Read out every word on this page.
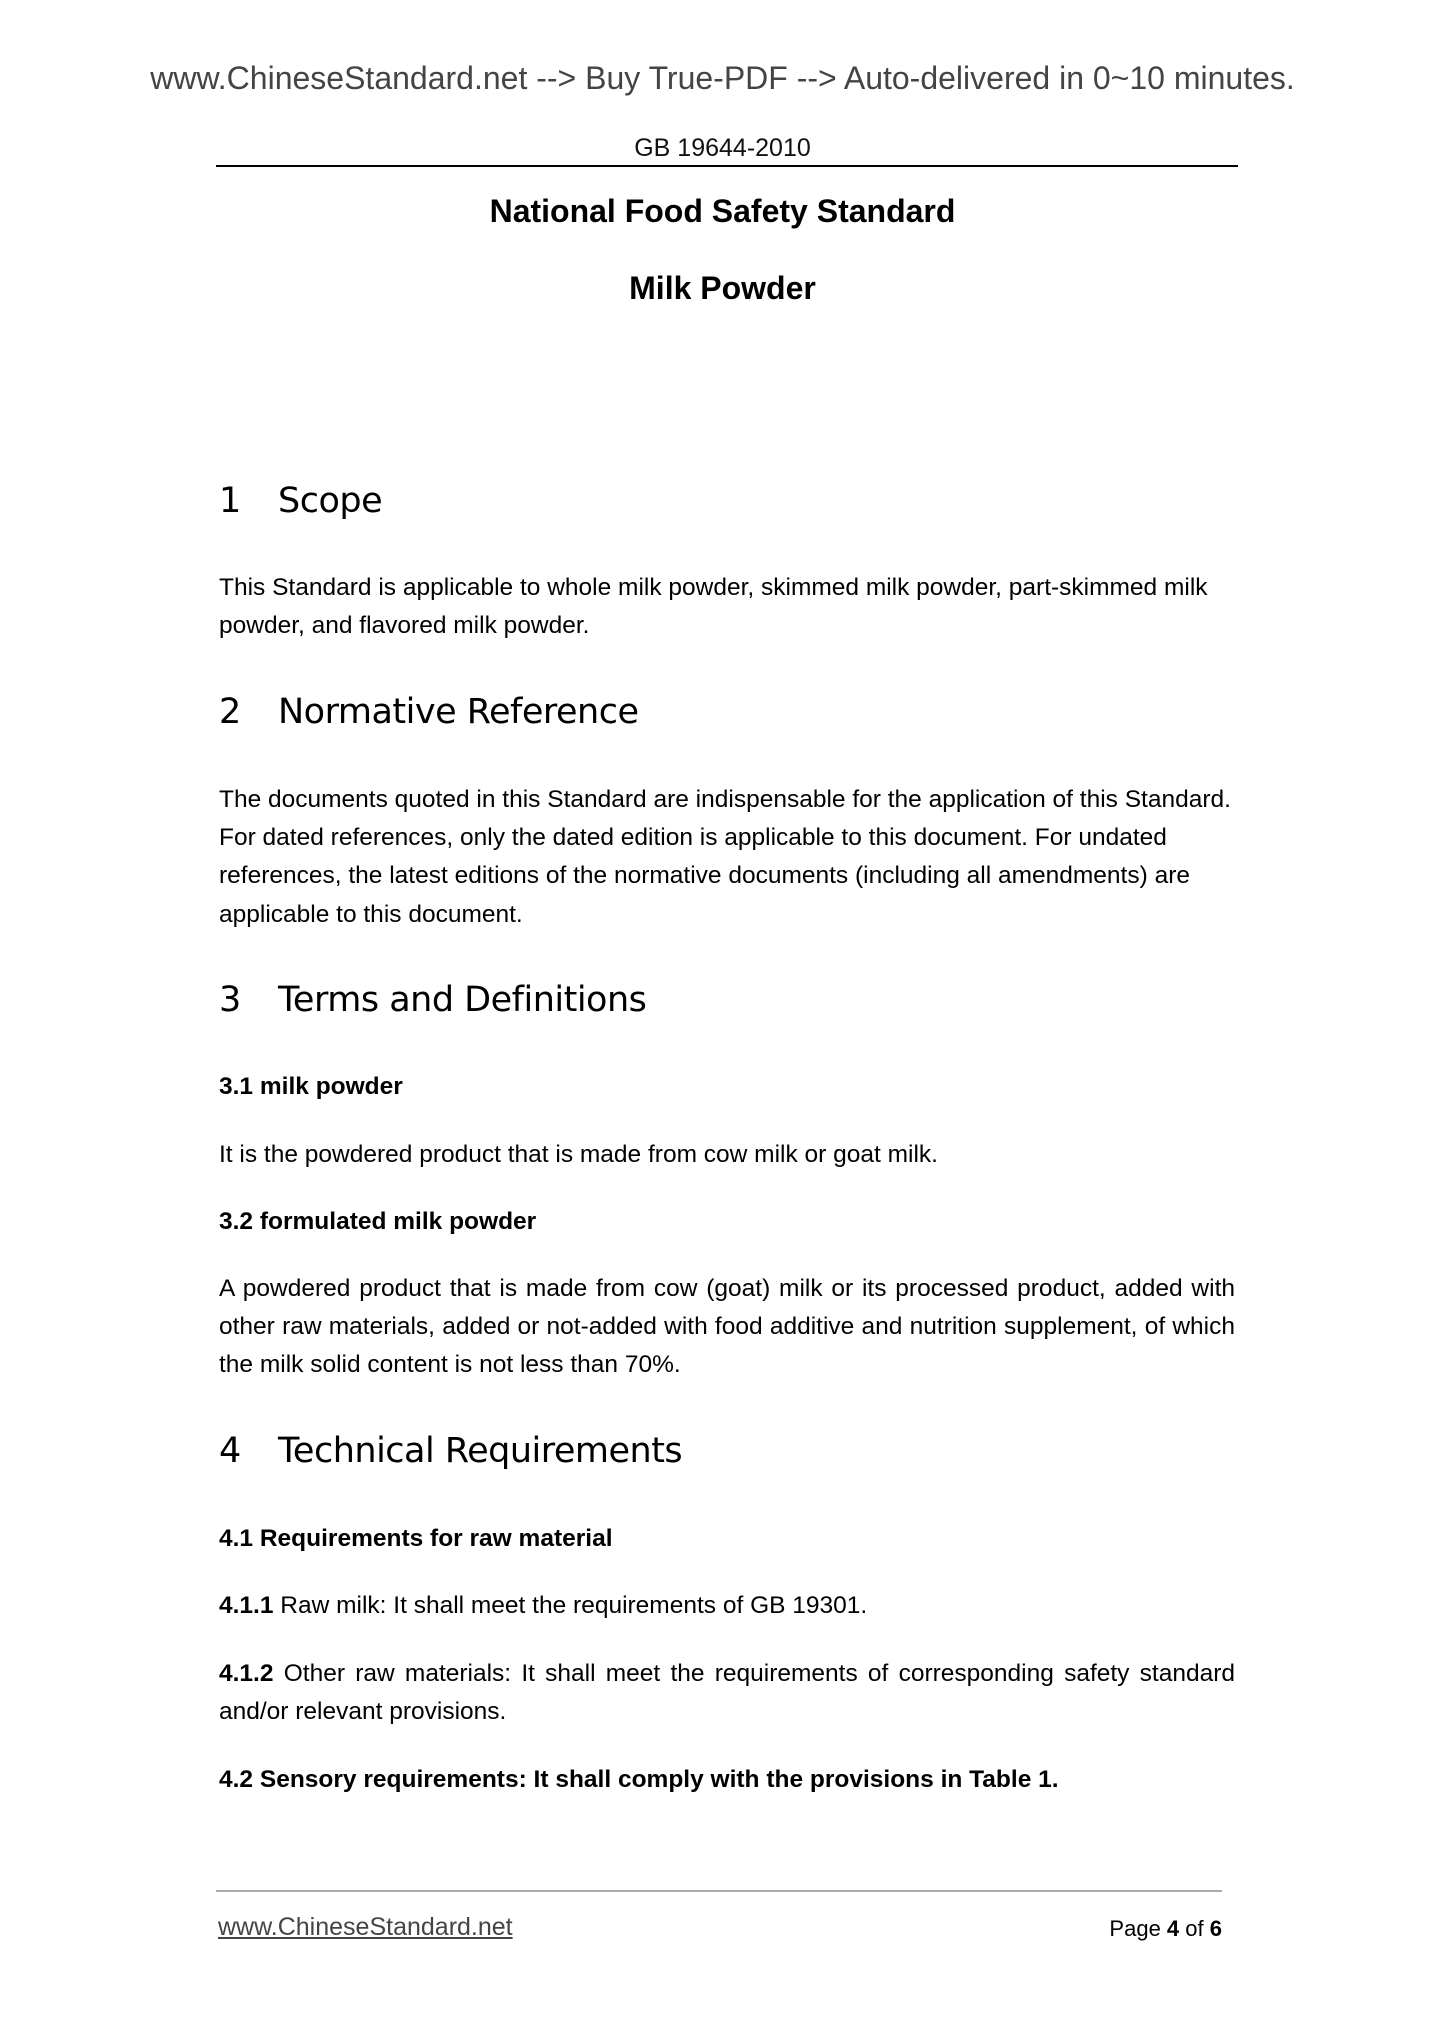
www.ChineseStandard.net --> Buy True-PDF --> Auto-delivered in 0~10 minutes.
GB 19644-2010
National Food Safety Standard
Milk Powder
1 Scope
This Standard is applicable to whole milk powder, skimmed milk powder, part-skimmed milk powder, and flavored milk powder.
2 Normative Reference
The documents quoted in this Standard are indispensable for the application of this Standard. For dated references, only the dated edition is applicable to this document. For undated references, the latest editions of the normative documents (including all amendments) are applicable to this document.
3 Terms and Definitions
3.1 milk powder
It is the powdered product that is made from cow milk or goat milk.
3.2 formulated milk powder
A powdered product that is made from cow (goat) milk or its processed product, added with other raw materials, added or not-added with food additive and nutrition supplement, of which the milk solid content is not less than 70%.
4 Technical Requirements
4.1 Requirements for raw material
4.1.1 Raw milk: It shall meet the requirements of GB 19301.
4.1.2 Other raw materials: It shall meet the requirements of corresponding safety standard and/or relevant provisions.
4.2 Sensory requirements: It shall comply with the provisions in Table 1.
www.ChineseStandard.net	Page 4 of 6
